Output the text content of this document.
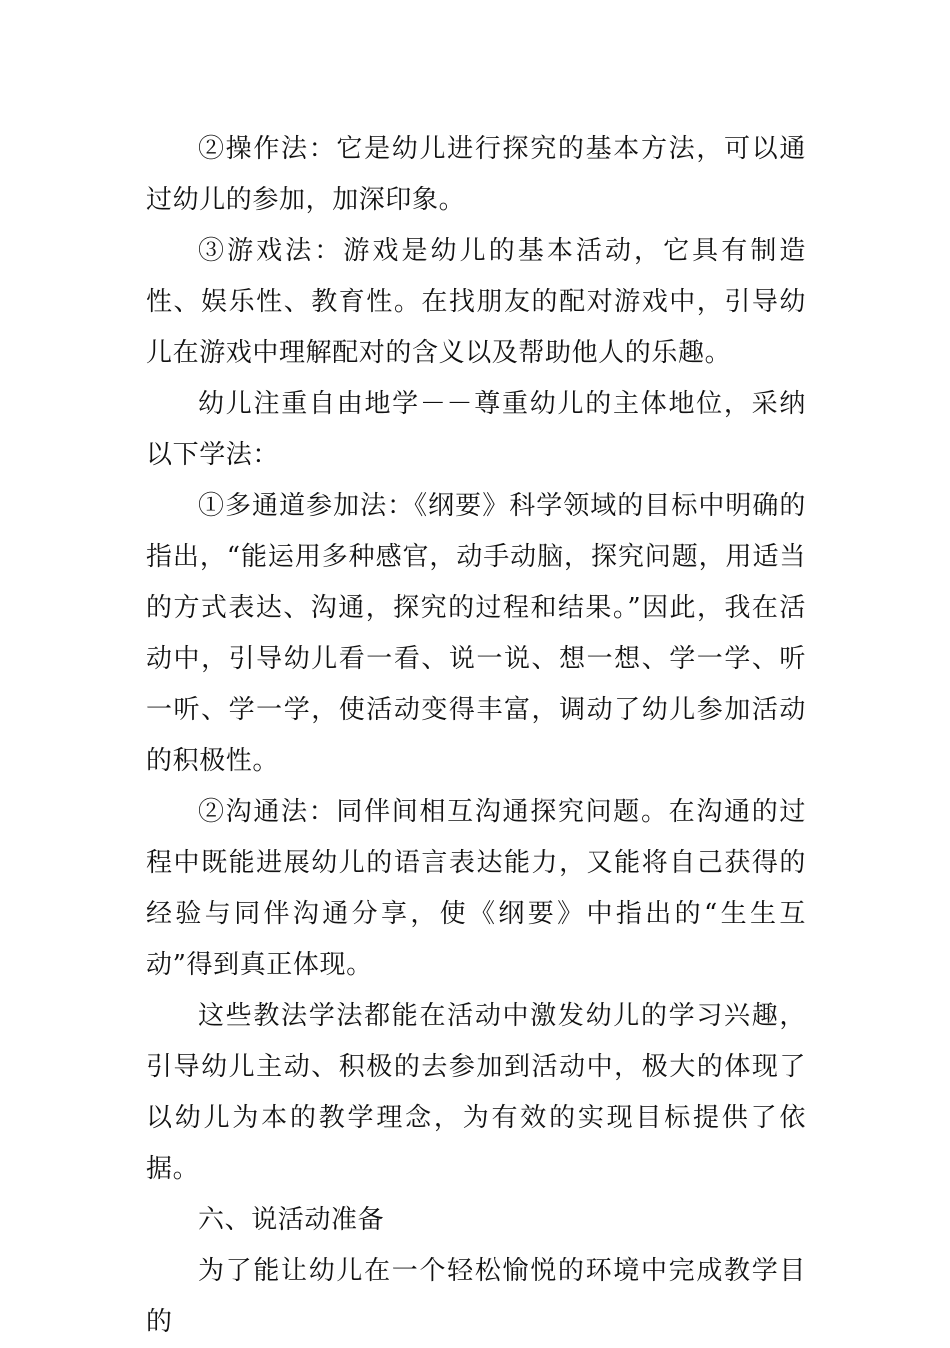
②操作法：它是幼儿进行探究的基本方法，可以通过幼儿的参加，加深印象。

③游戏法：游戏是幼儿的基本活动，它具有制造性、娱乐性、教育性。在找朋友的配对游戏中，引导幼儿在游戏中理解配对的含义以及帮助他人的乐趣。

幼儿注重自由地学－－尊重幼儿的主体地位，采纳以下学法：

①多通道参加法：《纲要》科学领域的目标中明确的指出，“能运用多种感官，动手动脑，探究问题，用适当的方式表达、沟通，探究的过程和结果。”因此，我在活动中，引导幼儿看一看、说一说、想一想、学一学、听一听、学一学，使活动变得丰富，调动了幼儿参加活动的积极性。

②沟通法：同伴间相互沟通探究问题。在沟通的过程中既能进展幼儿的语言表达能力，又能将自己获得的经验与同伴沟通分享，使《纲要》中指出的“生生互动”得到真正体现。

这些教法学法都能在活动中激发幼儿的学习兴趣，引导幼儿主动、积极的去参加到活动中，极大的体现了以幼儿为本的教学理念，为有效的实现目标提供了依据。

六、说活动准备

为了能让幼儿在一个轻松愉悦的环境中完成教学目的
